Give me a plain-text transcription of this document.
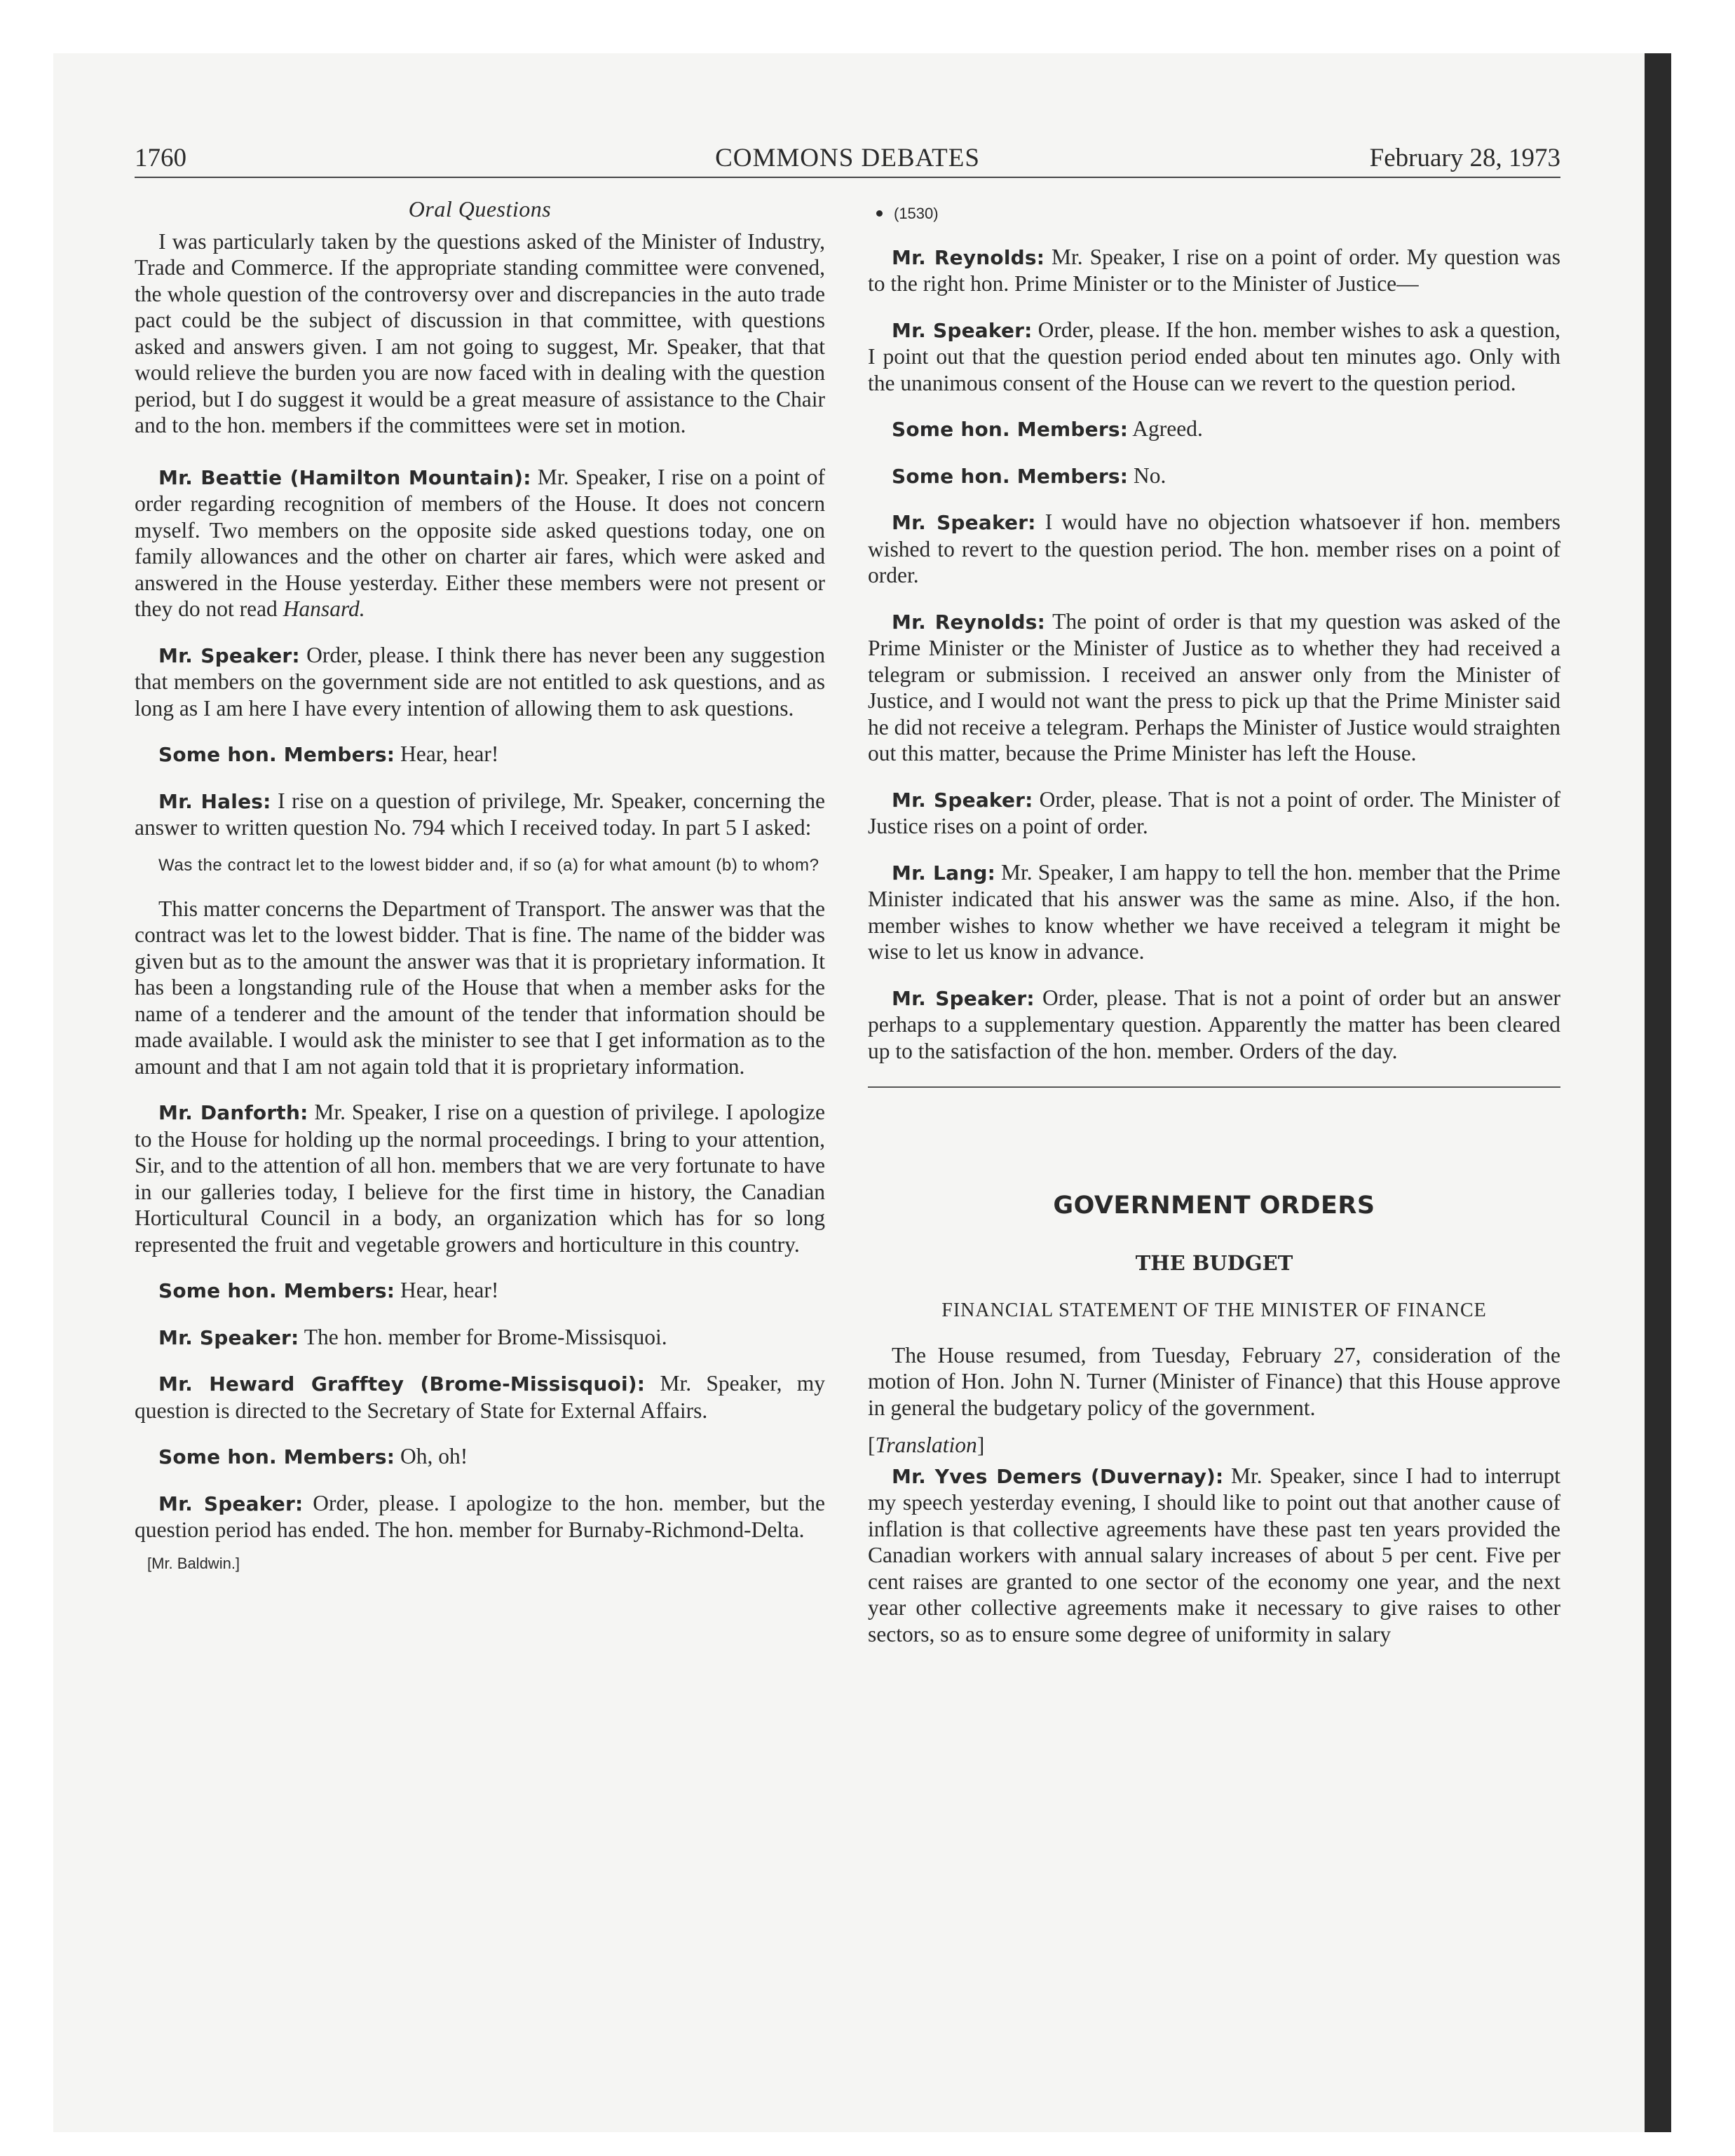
1760	COMMONS DEBATES	February 28, 1973

Oral Questions

I was particularly taken by the questions asked of the Minister of Industry, Trade and Commerce. If the appropriate standing committee were convened, the whole question of the controversy over and discrepancies in the auto trade pact could be the subject of discussion in that committee, with questions asked and answers given. I am not going to suggest, Mr. Speaker, that that would relieve the burden you are now faced with in dealing with the question period, but I do suggest it would be a great measure of assistance to the Chair and to the hon. members if the committees were set in motion.

Mr. Beattie (Hamilton Mountain): Mr. Speaker, I rise on a point of order regarding recognition of members of the House. It does not concern myself. Two members on the opposite side asked questions today, one on family allowances and the other on charter air fares, which were asked and answered in the House yesterday. Either these members were not present or they do not read Hansard.

Mr. Speaker: Order, please. I think there has never been any suggestion that members on the government side are not entitled to ask questions, and as long as I am here I have every intention of allowing them to ask questions.

Some hon. Members: Hear, hear!

Mr. Hales: I rise on a question of privilege, Mr. Speaker, concerning the answer to written question No. 794 which I received today. In part 5 I asked:

Was the contract let to the lowest bidder and, if so (a) for what amount (b) to whom?

This matter concerns the Department of Transport. The answer was that the contract was let to the lowest bidder. That is fine. The name of the bidder was given but as to the amount the answer was that it is proprietary information. It has been a longstanding rule of the House that when a member asks for the name of a tenderer and the amount of the tender that information should be made available. I would ask the minister to see that I get information as to the amount and that I am not again told that it is proprietary information.

Mr. Danforth: Mr. Speaker, I rise on a question of privilege. I apologize to the House for holding up the normal proceedings. I bring to your attention, Sir, and to the attention of all hon. members that we are very fortunate to have in our galleries today, I believe for the first time in history, the Canadian Horticultural Council in a body, an organization which has for so long represented the fruit and vegetable growers and horticulture in this country.

Some hon. Members: Hear, hear!

Mr. Speaker: The hon. member for Brome-Missisquoi.

Mr. Heward Grafftey (Brome-Missisquoi): Mr. Speaker, my question is directed to the Secretary of State for External Affairs.

Some hon. Members: Oh, oh!

Mr. Speaker: Order, please. I apologize to the hon. member, but the question period has ended. The hon. member for Burnaby-Richmond-Delta.

[Mr. Baldwin.]
(1530)

Mr. Reynolds: Mr. Speaker, I rise on a point of order. My question was to the right hon. Prime Minister or to the Minister of Justice—

Mr. Speaker: Order, please. If the hon. member wishes to ask a question, I point out that the question period ended about ten minutes ago. Only with the unanimous consent of the House can we revert to the question period.

Some hon. Members: Agreed.

Some hon. Members: No.

Mr. Speaker: I would have no objection whatsoever if hon. members wished to revert to the question period. The hon. member rises on a point of order.

Mr. Reynolds: The point of order is that my question was asked of the Prime Minister or the Minister of Justice as to whether they had received a telegram or submission. I received an answer only from the Minister of Justice, and I would not want the press to pick up that the Prime Minister said he did not receive a telegram. Perhaps the Minister of Justice would straighten out this matter, because the Prime Minister has left the House.

Mr. Speaker: Order, please. That is not a point of order. The Minister of Justice rises on a point of order.

Mr. Lang: Mr. Speaker, I am happy to tell the hon. member that the Prime Minister indicated that his answer was the same as mine. Also, if the hon. member wishes to know whether we have received a telegram it might be wise to let us know in advance.

Mr. Speaker: Order, please. That is not a point of order but an answer perhaps to a supplementary question. Apparently the matter has been cleared up to the satisfaction of the hon. member. Orders of the day.

GOVERNMENT ORDERS
THE BUDGET
FINANCIAL STATEMENT OF THE MINISTER OF FINANCE

The House resumed, from Tuesday, February 27, consideration of the motion of Hon. John N. Turner (Minister of Finance) that this House approve in general the budgetary policy of the government.

[Translation]

Mr. Yves Demers (Duvernay): Mr. Speaker, since I had to interrupt my speech yesterday evening, I should like to point out that another cause of inflation is that collective agreements have these past ten years provided the Canadian workers with annual salary increases of about 5 per cent. Five per cent raises are granted to one sector of the economy one year, and the next year other collective agreements make it necessary to give raises to other sectors, so as to ensure some degree of uniformity in salary
